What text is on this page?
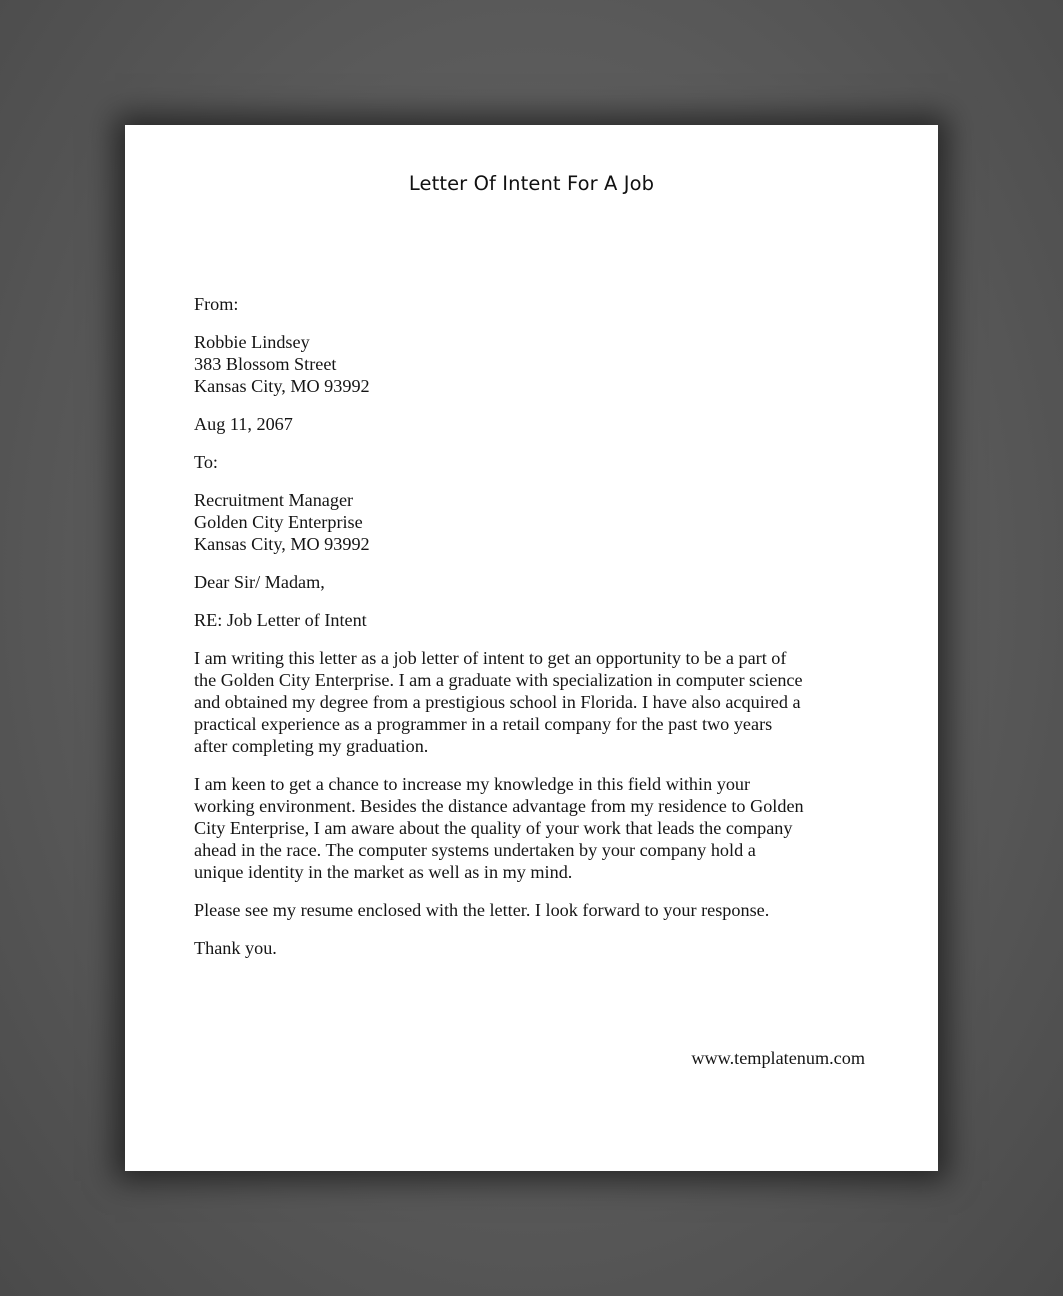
Letter Of Intent For A Job

From:

Robbie Lindsey
383 Blossom Street
Kansas City, MO 93992

Aug 11, 2067

To:

Recruitment Manager
Golden City Enterprise
Kansas City, MO 93992

Dear Sir/ Madam,

RE: Job Letter of Intent

I am writing this letter as a job letter of intent to get an opportunity to be a part of
the Golden City Enterprise. I am a graduate with specialization in computer science
and obtained my degree from a prestigious school in Florida. I have also acquired a
practical experience as a programmer in a retail company for the past two years
after completing my graduation.

I am keen to get a chance to increase my knowledge in this field within your
working environment. Besides the distance advantage from my residence to Golden
City Enterprise, I am aware about the quality of your work that leads the company
ahead in the race. The computer systems undertaken by your company hold a
unique identity in the market as well as in my mind.

Please see my resume enclosed with the letter. I look forward to your response.

Thank you.

www.templatenum.com
